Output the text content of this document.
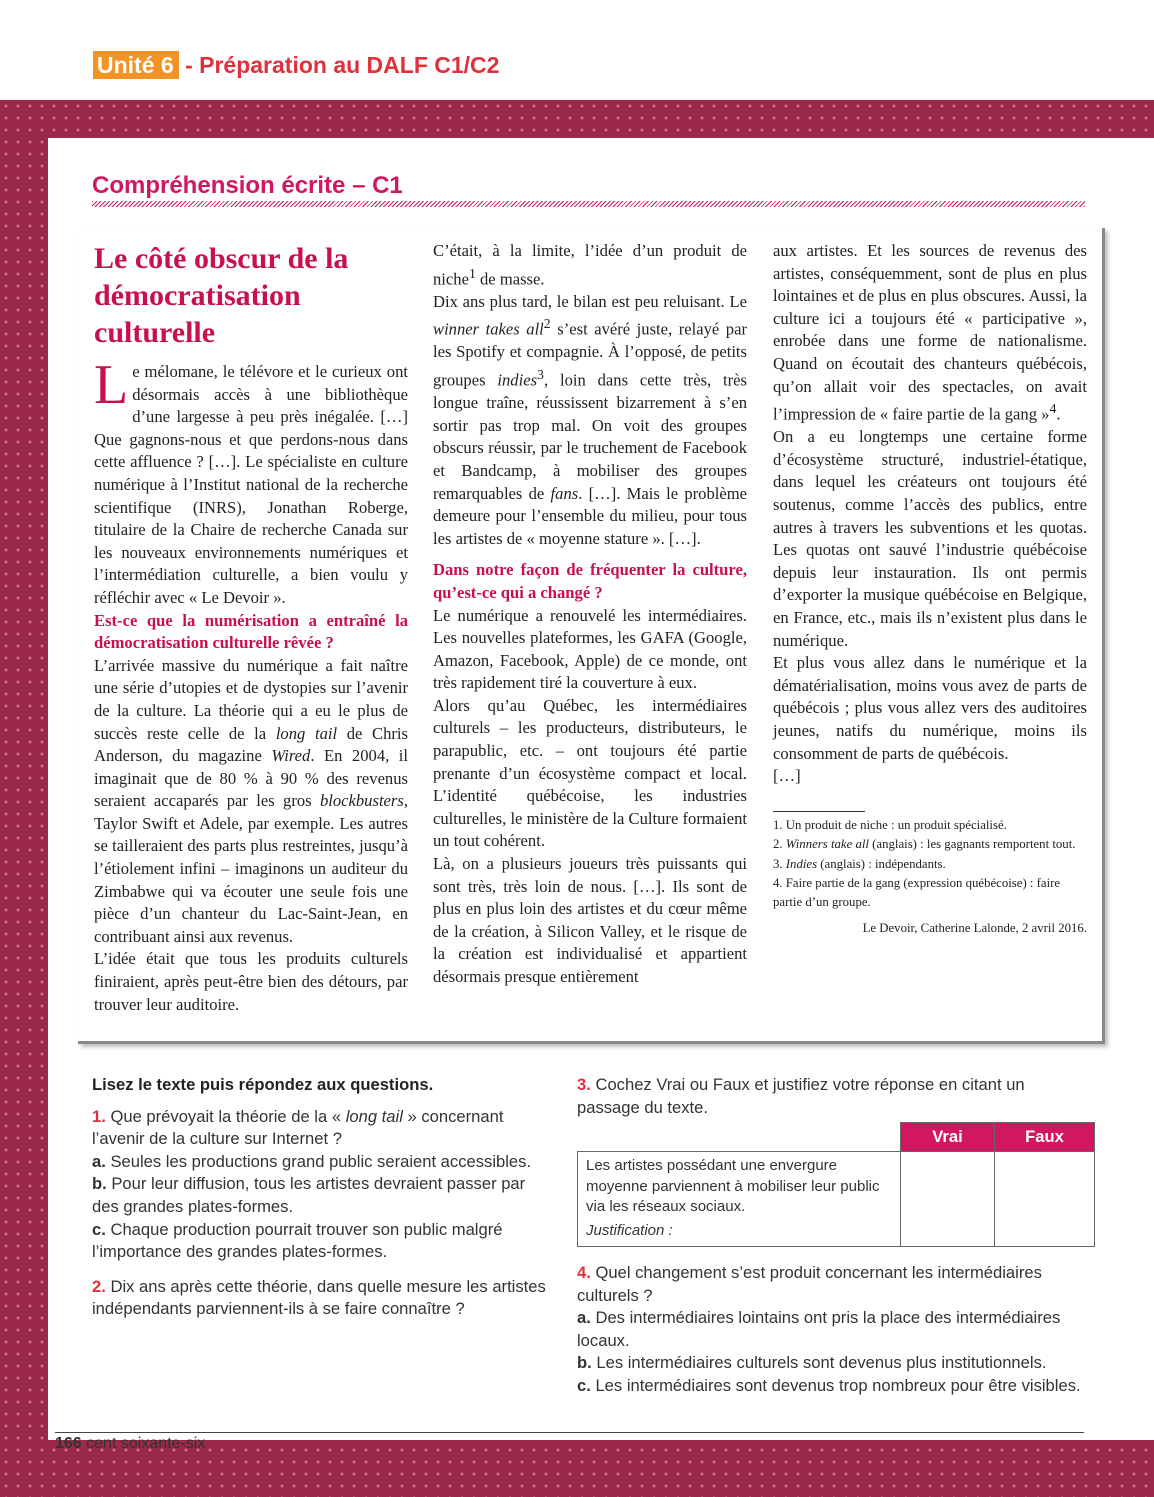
Unité 6 - Préparation au DALF C1/C2
Compréhension écrite – C1
Le côté obscur de la démocratisation culturelle

Le mélomane, le télévore et le curieux ont désormais accès à une bibliothèque d’une largesse à peu près inégalée. […] Que gagnons-nous et que perdons-nous dans cette affluence ? […]. Le spécialiste en culture numérique à l’Institut national de la recherche scientifique (INRS), Jonathan Roberge, titulaire de la Chaire de recherche Canada sur les nouveaux environnements numériques et l’intermédiation culturelle, a bien voulu y réfléchir avec « Le Devoir ».

Est-ce que la numérisation a entraîné la démocratisation culturelle rêvée ?

L’arrivée massive du numérique a fait naître une série d’utopies et de dystopies sur l’avenir de la culture. La théorie qui a eu le plus de succès reste celle de la long tail de Chris Anderson, du magazine Wired. En 2004, il imaginait que de 80 % à 90 % des revenus seraient accaparés par les gros blockbusters, Taylor Swift et Adele, par exemple. Les autres se tailleraient des parts plus restreintes, jusqu’à l’étiolement infini – imaginons un auditeur du Zimbabwe qui va écouter une seule fois une pièce d’un chanteur du Lac-Saint-Jean, en contribuant ainsi aux revenus.

L’idée était que tous les produits culturels finiraient, après peut-être bien des détours, par trouver leur auditoire.

C’était, à la limite, l’idée d’un produit de niche$^1$ de masse.

Dix ans plus tard, le bilan est peu reluisant. Le winner takes all$^2$ s’est avéré juste, relayé par les Spotify et compagnie. À l’opposé, de petits groupes indies$^3$, loin dans cette très, très longue traîne, réussissent bizarrement à s’en sortir pas trop mal. On voit des groupes obscurs réussir, par le truchement de Facebook et Bandcamp, à mobiliser des groupes remarquables de fans. […]. Mais le problème demeure pour l’ensemble du milieu, pour tous les artistes de « moyenne stature ». […].

Dans notre façon de fréquenter la culture, qu’est-ce qui a changé ?

Le numérique a renouvelé les intermédiaires. Les nouvelles plateformes, les GAFA (Google, Amazon, Facebook, Apple) de ce monde, ont très rapidement tiré la couverture à eux.

Alors qu’au Québec, les intermédiaires culturels – les producteurs, distributeurs, le parapublic, etc. – ont toujours été partie prenante d’un écosystème compact et local. L’identité québécoise, les industries culturelles, le ministère de la Culture formaient un tout cohérent.

Là, on a plusieurs joueurs très puissants qui sont très, très loin de nous. […]. Ils sont de plus en plus loin des artistes et du cœur même de la création, à Silicon Valley, et le risque de la création est individualisé et appartient désormais presque entièrement

aux artistes. Et les sources de revenus des artistes, conséquemment, sont de plus en plus lointaines et de plus en plus obscures. Aussi, la culture ici a toujours été « participative », enrobée dans une forme de nationalisme. Quand on écoutait des chanteurs québécois, qu’on allait voir des spectacles, on avait l’impression de « faire partie de la gang »$^4$.

On a eu longtemps une certaine forme d’écosystème structuré, industriel-étatique, dans lequel les créateurs ont toujours été soutenus, comme l’accès des publics, entre autres à travers les subventions et les quotas. Les quotas ont sauvé l’industrie québécoise depuis leur instauration. Ils ont permis d’exporter la musique québécoise en Belgique, en France, etc., mais ils n’existent plus dans le numérique.

Et plus vous allez dans le numérique et la dématérialisation, moins vous avez de parts de québécois ; plus vous allez vers des auditoires jeunes, natifs du numérique, moins ils consomment de parts de québécois.

[…]

1. Un produit de niche : un produit spécialisé.
2. Winners take all (anglais) : les gagnants remportent tout.
3. Indies (anglais) : indépendants.
4. Faire partie de la gang (expression québécoise) : faire partie d’un groupe.
Le Devoir, Catherine Lalonde, 2 avril 2016.
Lisez le texte puis répondez aux questions.
1. Que prévoyait la théorie de la « long tail » concernant l’avenir de la culture sur Internet ?
a. Seules les productions grand public seraient accessibles.
b. Pour leur diffusion, tous les artistes devraient passer par des grandes plates-formes.
c. Chaque production pourrait trouver son public malgré l’importance des grandes plates-formes.
2. Dix ans après cette théorie, dans quelle mesure les artistes indépendants parviennent-ils à se faire connaître ?
3. Cochez Vrai ou Faux et justifiez votre réponse en citant un passage du texte.
	Vrai	Faux

Les artistes possédant une envergure moyenne parviennent à mobiliser leur public via les réseaux sociaux.
Justification :		

4. Quel changement s’est produit concernant les intermédiaires culturels ?
a. Des intermédiaires lointains ont pris la place des intermédiaires locaux.
b. Les intermédiaires culturels sont devenus plus institutionnels.
c. Les intermédiaires sont devenus trop nombreux pour être visibles.
166 cent soixante-six
